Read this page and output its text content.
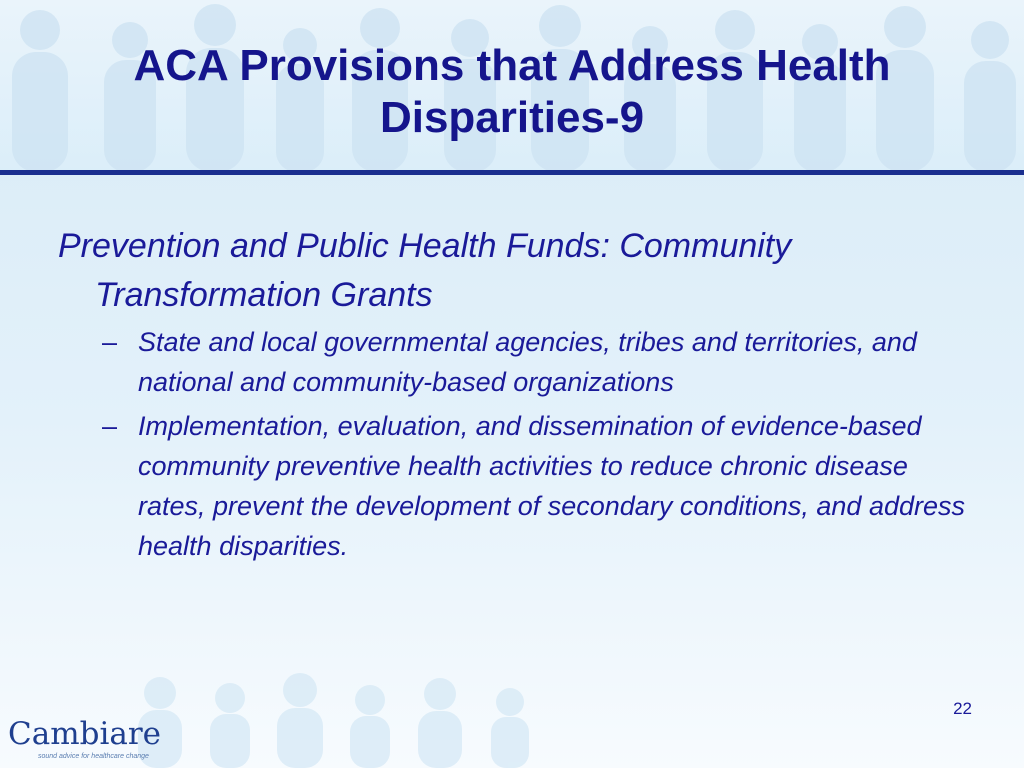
ACA Provisions that Address Health Disparities-9

Prevention and Public Health Funds: Community Transformation Grants

– State and local governmental agencies, tribes and territories, and national and community-based organizations
– Implementation, evaluation, and dissemination of evidence-based community preventive health activities to reduce chronic disease rates, prevent the development of secondary conditions, and address health disparities.
22
Cambiare
sound advice for healthcare change
